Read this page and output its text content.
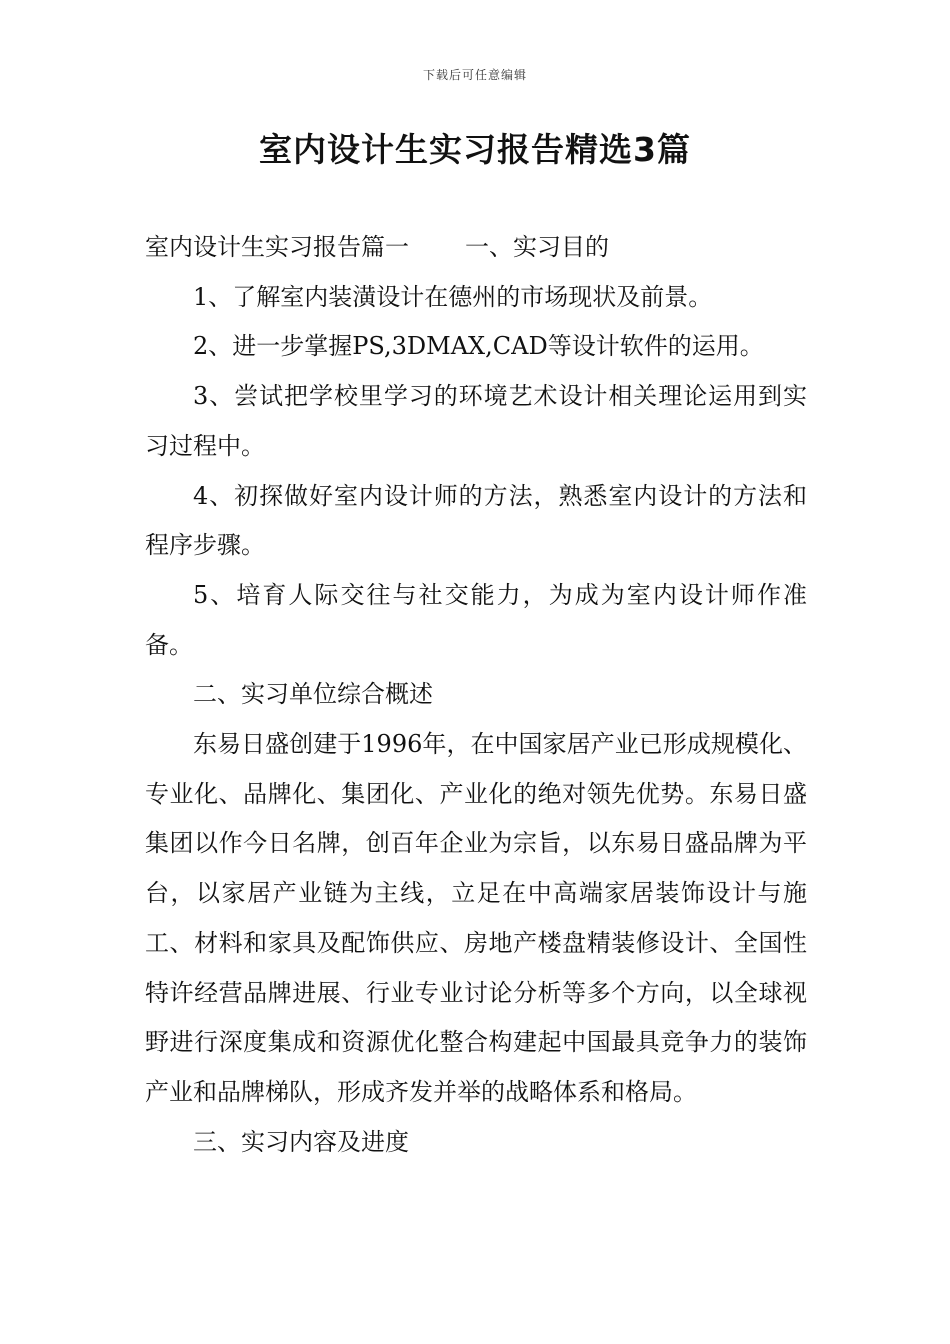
下载后可任意编辑
室内设计生实习报告精选3篇

室内设计生实习报告篇一 一、实习目的

1、了解室内装潢设计在德州的市场现状及前景。

2、进一步掌握PS,3DMAX,CAD等设计软件的运用。

3、尝试把学校里学习的环境艺术设计相关理论运用到实习过程中。

4、初探做好室内设计师的方法，熟悉室内设计的方法和程序步骤。

5、培育人际交往与社交能力，为成为室内设计师作准备。

二、实习单位综合概述

东易日盛创建于1996年，在中国家居产业已形成规模化、专业化、品牌化、集团化、产业化的绝对领先优势。东易日盛集团以作今日名牌，创百年企业为宗旨，以东易日盛品牌为平台，以家居产业链为主线，立足在中高端家居装饰设计与施工、材料和家具及配饰供应、房地产楼盘精装修设计、全国性特许经营品牌进展、行业专业讨论分析等多个方向，以全球视野进行深度集成和资源优化整合构建起中国最具竞争力的装饰产业和品牌梯队，形成齐发并举的战略体系和格局。

三、实习内容及进度
